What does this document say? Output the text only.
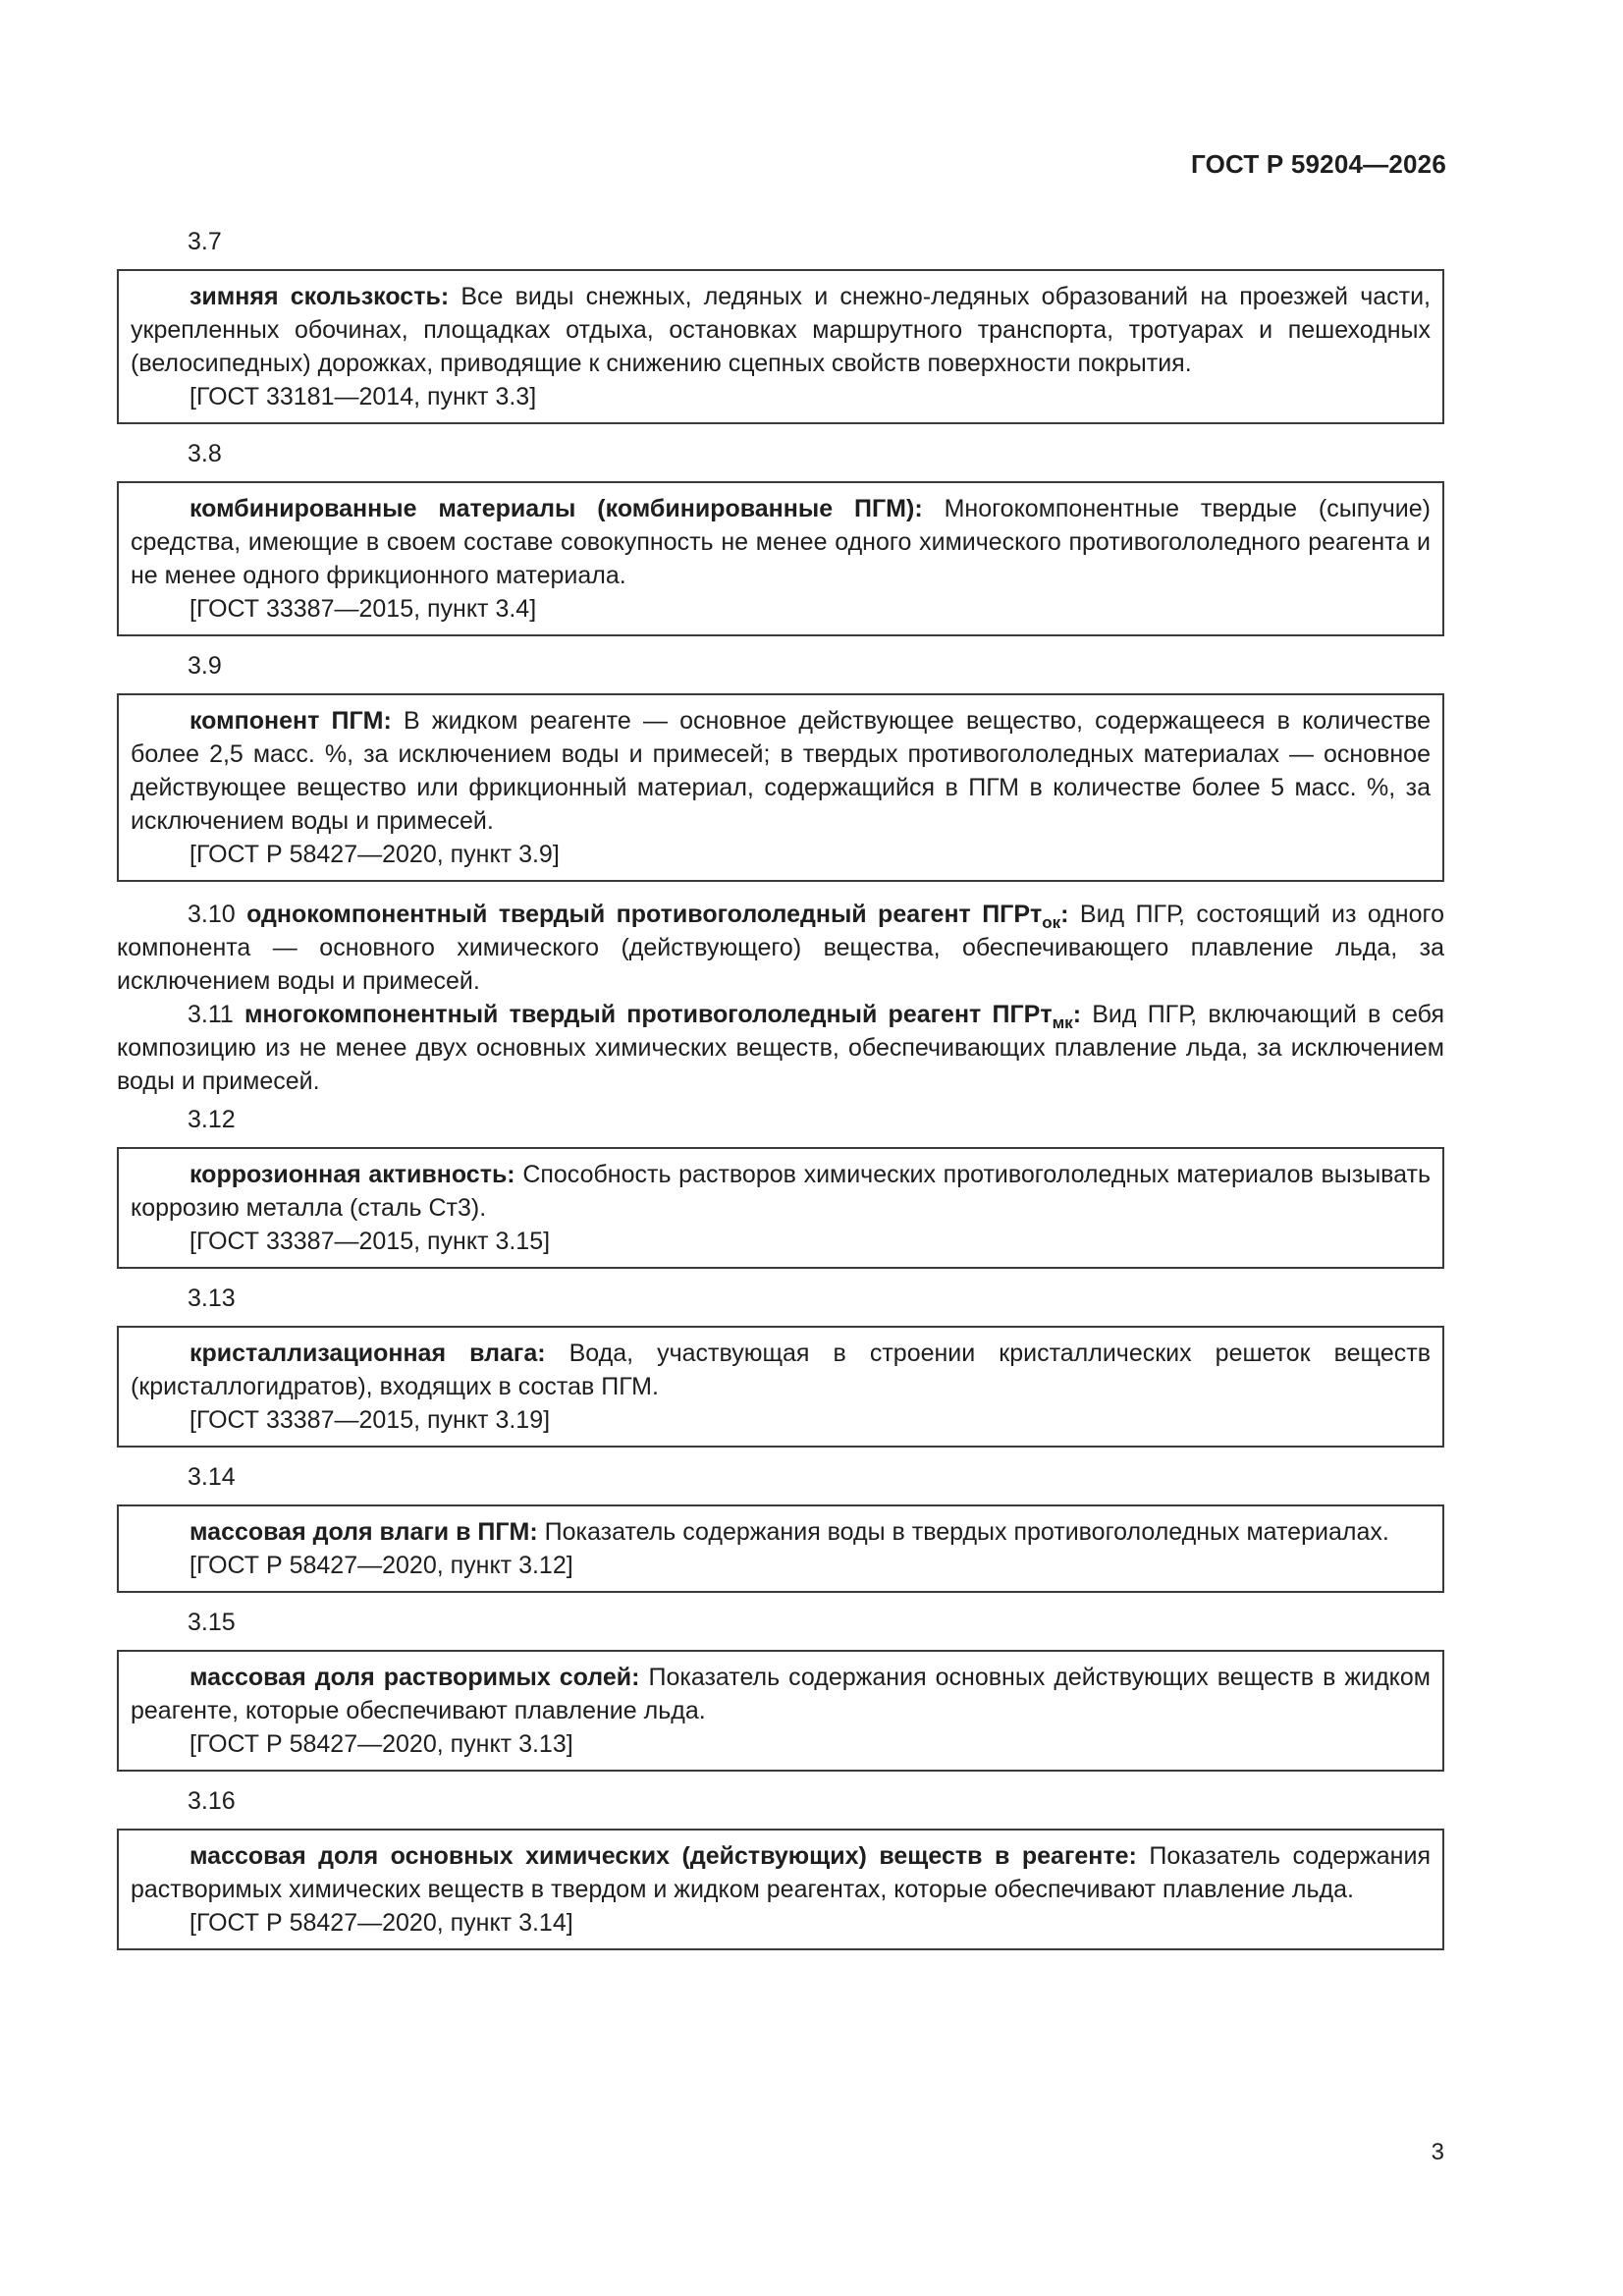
ГОСТ Р 59204—2026

3.7

зимняя скользкость: Все виды снежных, ледяных и снежно-ледяных образований на проезжей части, укрепленных обочинах, площадках отдыха, остановках маршрутного транспорта, тротуарах и пешеходных (велосипедных) дорожках, приводящие к снижению сцепных свойств поверхности покрытия.

[ГОСТ 33181—2014, пункт 3.3]

3.8

комбинированные материалы (комбинированные ПГМ): Многокомпонентные твердые (сыпучие) средства, имеющие в своем составе совокупность не менее одного химического противогололедного реагента и не менее одного фрикционного материала.

[ГОСТ 33387—2015, пункт 3.4]

3.9

компонент ПГМ: В жидком реагенте — основное действующее вещество, содержащееся в количестве более 2,5 масс. %, за исключением воды и примесей; в твердых противогололедных материалах — основное действующее вещество или фрикционный материал, содержащийся в ПГМ в количестве более 5 масс. %, за исключением воды и примесей.

[ГОСТ Р 58427—2020, пункт 3.9]

3.10 однокомпонентный твердый противогололедный реагент ПГРт$_{ок}$: Вид ПГР, состоящий из одного компонента — основного химического (действующего) вещества, обеспечивающего плавление льда, за исключением воды и примесей.

3.11 многокомпонентный твердый противогололедный реагент ПГРт$_{мк}$: Вид ПГР, включающий в себя композицию из не менее двух основных химических веществ, обеспечивающих плавление льда, за исключением воды и примесей.

3.12

коррозионная активность: Способность растворов химических противогололедных материалов вызывать коррозию металла (сталь Ст3).

[ГОСТ 33387—2015, пункт 3.15]

3.13

кристаллизационная влага: Вода, участвующая в строении кристаллических решеток веществ (кристаллогидратов), входящих в состав ПГМ.

[ГОСТ 33387—2015, пункт 3.19]

3.14

массовая доля влаги в ПГМ: Показатель содержания воды в твердых противогололедных материалах.

[ГОСТ Р 58427—2020, пункт 3.12]

3.15

массовая доля растворимых солей: Показатель содержания основных действующих веществ в жидком реагенте, которые обеспечивают плавление льда.

[ГОСТ Р 58427—2020, пункт 3.13]

3.16

массовая доля основных химических (действующих) веществ в реагенте: Показатель содержания растворимых химических веществ в твердом и жидком реагентах, которые обеспечивают плавление льда.

[ГОСТ Р 58427—2020, пункт 3.14]

3
